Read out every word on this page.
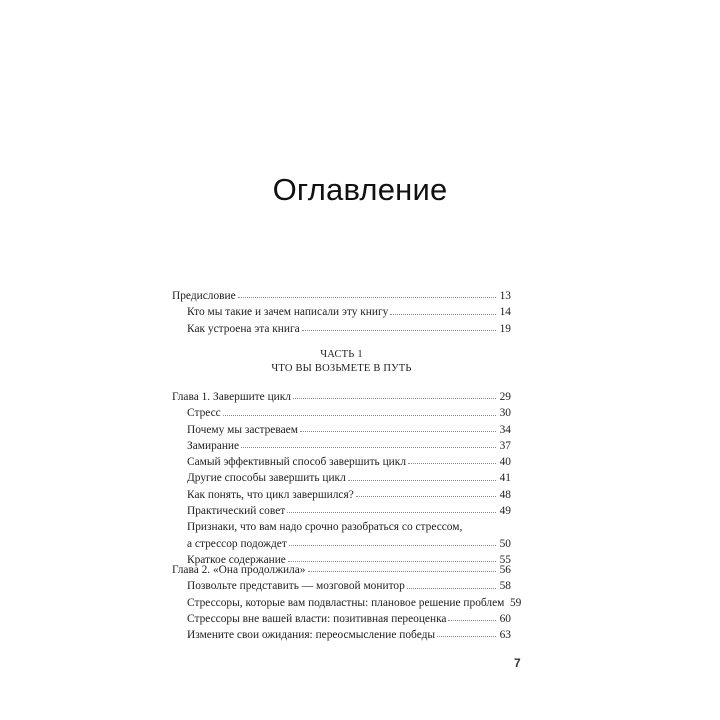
Оглавление
Предисловие	13
Кто мы такие и зачем написали эту книгу	14
Как устроена эта книга	19
ЧАСТЬ 1
ЧТО ВЫ ВОЗЬМЕТЕ В ПУТЬ
Глава 1. Завершите цикл	29
Стресс	30
Почему мы застреваем	34
Замирание	37
Самый эффективный способ завершить цикл	40
Другие способы завершить цикл	41
Как понять, что цикл завершился?	48
Практический совет	49
Признаки, что вам надо срочно разобраться со стрессом,
а стрессор подождет	50
Краткое содержание	55
Глава 2. «Она продолжила»	56
Позвольте представить — мозговой монитор	58
Стрессоры, которые вам подвластны: плановое решение проблем 59
Стрессоры вне вашей власти: позитивная переоценка	60
Измените свои ожидания: переосмысление победы	63
7
